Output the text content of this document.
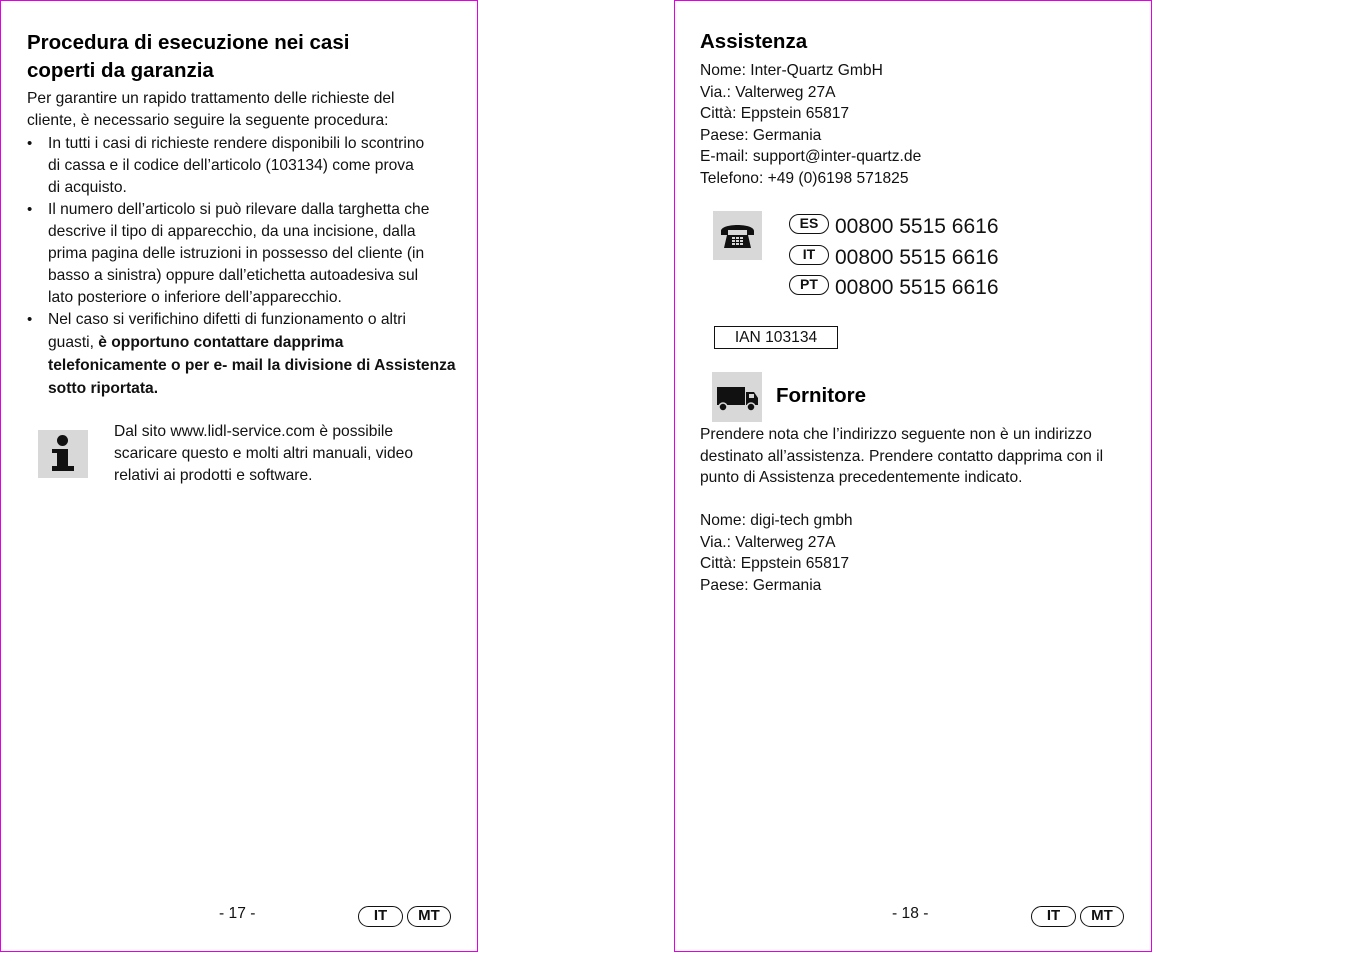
Procedura di esecuzione nei casi
coperti da garanzia
Per garantire un rapido trattamento delle richieste del
cliente, è necessario seguire la seguente procedura:
• In tutti i casi di richieste rendere disponibili lo scontrino
di cassa e il codice dell’articolo (103134) come prova
di acquisto.
• Il numero dell’articolo si può rilevare dalla targhetta che
descrive il tipo di apparecchio, da una incisione, dalla
prima pagina delle istruzioni in possesso del cliente (in
basso a sinistra) oppure dall’etichetta autoadesiva sul
lato posteriore o inferiore dell’apparecchio.
• Nel caso si verifichino difetti di funzionamento o altri
guasti, è opportuno contattare dapprima
telefonicamente o per e- mail la divisione di Assistenza
sotto riportata.
Dal sito www.lidl-service.com è possibile
scaricare questo e molti altri manuali, video
relativi ai prodotti e software.
- 17 -	IT	MT
Assistenza
Nome: Inter-Quartz GmbH
Via.: Valterweg 27A
Città: Eppstein 65817
Paese: Germania
E-mail: support@inter-quartz.de
Telefono: +49 (0)6198 571825
ES 00800 5515 6616
IT 00800 5515 6616
PT 00800 5515 6616
IAN 103134
Fornitore
Prendere nota che l’indirizzo seguente non è un indirizzo
destinato all’assistenza. Prendere contatto dapprima con il
punto di Assistenza precedentemente indicato.
Nome: digi-tech gmbh
Via.: Valterweg 27A
Città: Eppstein 65817
Paese: Germania
- 18 -	IT	MT
